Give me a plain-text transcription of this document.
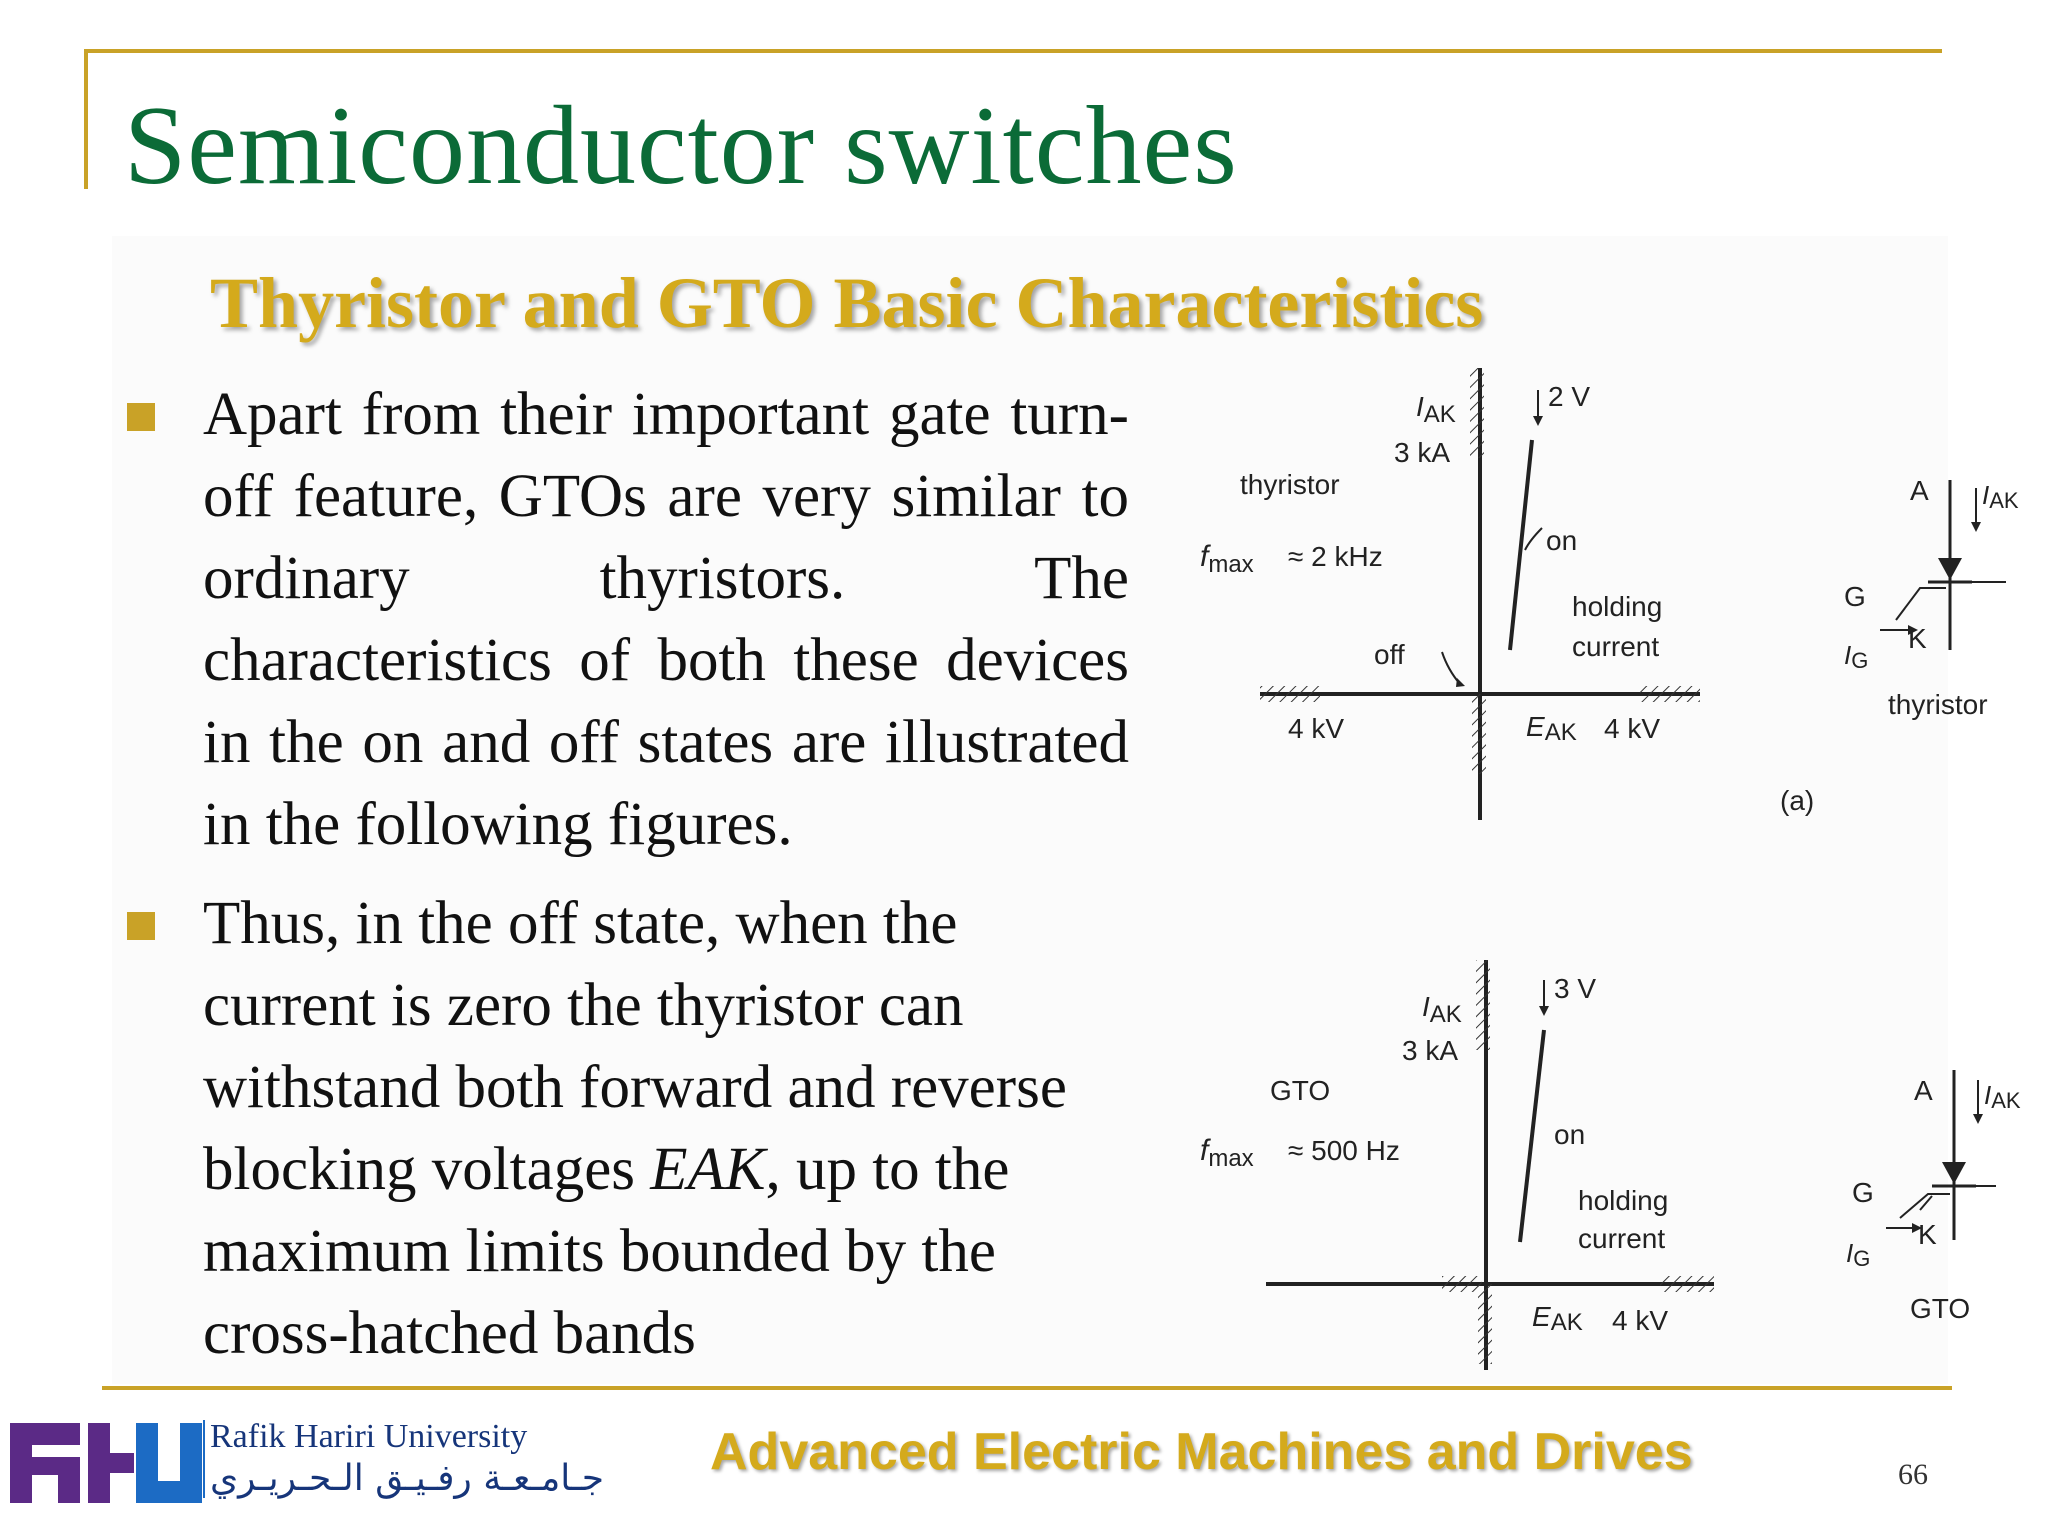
Semiconductor switches
Thyristor and GTO Basic Characteristics
Apart from their important gate turn-off feature, GTOs are very similar to ordinary thyristors. The characteristics of both these devices in the on and off states are illustrated in the following figures.
Thus, in the off state, when the current is zero the thyristor can withstand both forward and reverse blocking voltages EAK, up to the maximum limits bounded by the cross-hatched bands
IAK
3 kA
2 V
thyristor
$f_{max} \approx 2$ kHz
on
holding
current
off
4 kV	EAK 4 kV
(a)
A IAK
G
K
IG
thyristor
IAK
3 kA
3 V
GTO
$f_{max} \approx 500$ Hz
on
holding
current
EAK 4 kV
A IAK
G
K
IG
GTO
Rafik Hariri University
جـامـعـة رفـيـق الـحـريـري Advanced Electric Machines and Drives	66
